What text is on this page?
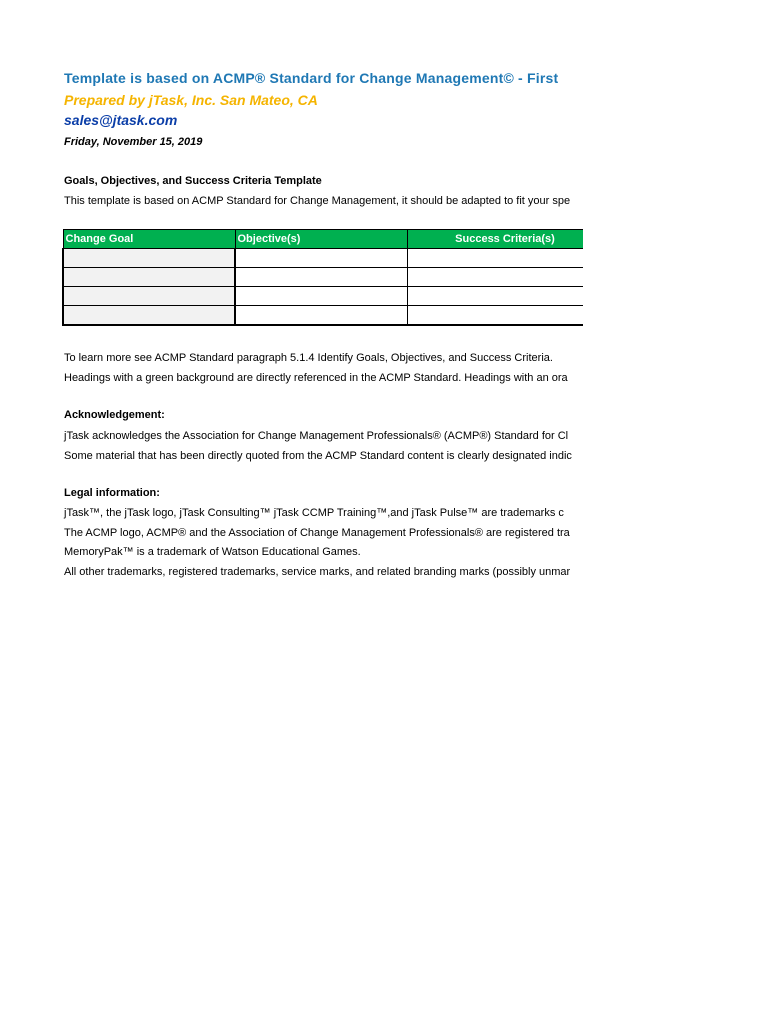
Template is based on ACMP® Standard for Change Management© - First
Prepared by jTask, Inc. San Mateo, CA
sales@jtask.com
Friday, November 15, 2019
Goals, Objectives, and Success Criteria Template
This template is based on ACMP Standard for Change Management, it should be adapted to fit your spe
Change Goal	Objective(s)	Success Criteria(s)

To learn more see ACMP Standard paragraph 5.1.4 Identify Goals, Objectives, and Success Criteria.
Headings with a green background are directly referenced in the ACMP Standard. Headings with an ora
Acknowledgement:
jTask acknowledges the Association for Change Management Professionals® (ACMP®) Standard for Cl
Some material that has been directly quoted from the ACMP Standard content is clearly designated indic
Legal information:
jTask™, the jTask logo, jTask Consulting™ jTask CCMP Training™,and jTask Pulse™ are trademarks c
The ACMP logo, ACMP® and the Association of Change Management Professionals® are registered tra
MemoryPak™ is a trademark of Watson Educational Games.
All other trademarks, registered trademarks, service marks, and related branding marks (possibly unmar
